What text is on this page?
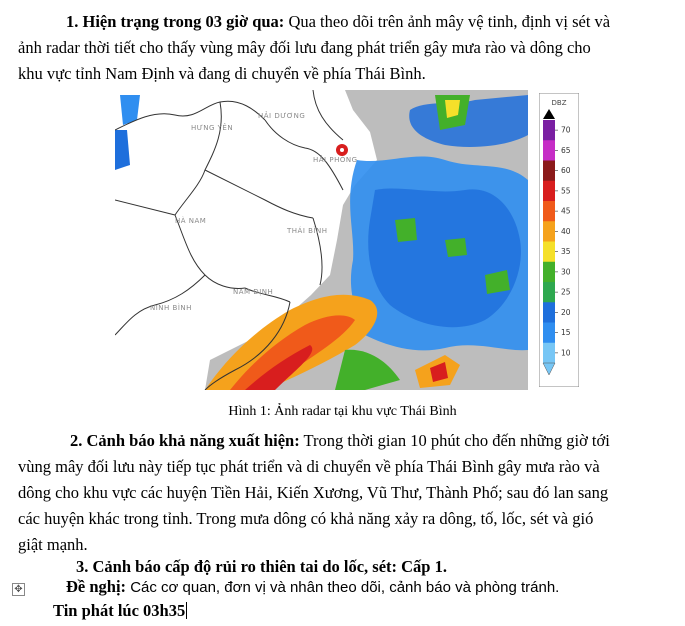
1. Hiện trạng trong 03 giờ qua: Qua theo dõi trên ảnh mây vệ tinh, định vị sét và
ảnh radar thời tiết cho thấy vùng mây đối lưu đang phát triển gây mưa rào và dông cho
khu vực tỉnh Nam Định và đang di chuyển về phía Thái Bình.
HƯNG YÊN
HẢI DƯƠNG
HẢI PHÒNG
HÀ NAM
THÁI BÌNH
NAM ĐỊNH
NINH BÌNH
DBZ
70
65
60
55
45
40
35
30
25
20
15
10
Hình 1: Ảnh radar tại khu vực Thái Bình
2. Cảnh báo khả năng xuất hiện: Trong thời gian 10 phút cho đến những giờ tới
vùng mây đối lưu này tiếp tục phát triển và di chuyển về phía Thái Bình gây mưa rào và
dông cho khu vực các huyện Tiền Hải, Kiến Xương, Vũ Thư, Thành Phố; sau đó lan sang
các huyện khác trong tỉnh. Trong mưa dông có khả năng xảy ra dông, tố, lốc, sét và gió
giật mạnh.
3. Cảnh báo cấp độ rủi ro thiên tai do lốc, sét: Cấp 1.
✥	Đề nghị: Các cơ quan, đơn vị và nhân theo dõi, cảnh báo và phòng tránh.
Tin phát lúc 03h35
